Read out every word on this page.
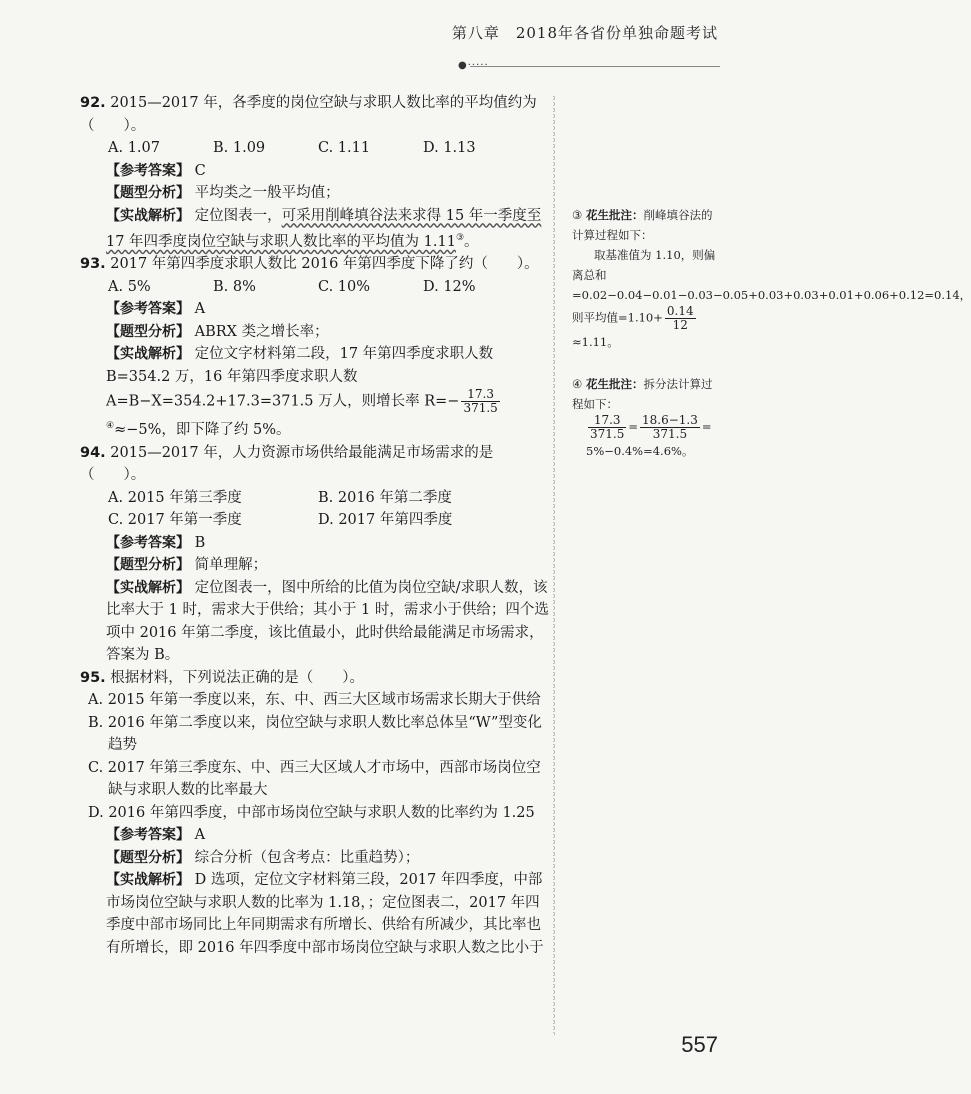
第八章　2018年各省份单独命题考试
●·····

92. 2015—2017 年，各季度的岗位空缺与求职人数比率的平均值约为（　　）。

A. 1.07	B. 1.09	C. 1.11	D. 1.13

【参考答案】 C

【题型分析】 平均类之一般平均值；

【实战解析】 定位图表一，可采用削峰填谷法来求得 15 年一季度至 17 年四季度岗位空缺与求职人数比率的平均值为 1.11③。

93. 2017 年第四季度求职人数比 2016 年第四季度下降了约（　　）。

A. 5%	B. 8%	C. 10%	D. 12%

【参考答案】 A

【题型分析】 ABRX 类之增长率；

【实战解析】 定位文字材料第二段，17 年第四季度求职人数 B=354.2 万，16 年第四季度求职人数 A=B−X=354.2+17.3=371.5 万人，则增长率 $R=- \frac{17.3}{371.5}$
④≈−5%，即下降了约 5%。

94. 2015—2017 年，人力资源市场供给最能满足市场需求的是（　　）。

A. 2015 年第三季度	B. 2016 年第二季度
C. 2017 年第一季度	D. 2017 年第四季度

【参考答案】 B

【题型分析】 简单理解；

【实战解析】 定位图表一，图中所给的比值为岗位空缺/求职人数，该比率大于 1 时，需求大于供给；其小于 1 时，需求小于供给；四个选项中 2016 年第二季度，该比值最小，此时供给最能满足市场需求，答案为 B。

95. 根据材料，下列说法正确的是（　　）。

A. 2015 年第一季度以来，东、中、西三大区域市场需求长期大于供给

B. 2016 年第二季度以来，岗位空缺与求职人数比率总体呈“W”型变化趋势

C. 2017 年第三季度东、中、西三大区域人才市场中，西部市场岗位空缺与求职人数的比率最大

D. 2016 年第四季度，中部市场岗位空缺与求职人数的比率约为 1.25

【参考答案】 A

【题型分析】 综合分析（包含考点：比重趋势）；

【实战解析】 D 选项，定位文字材料第三段，2017 年四季度，中部市场岗位空缺与求职人数的比率为 1.18，；定位图表二，2017 年四季度中部市场同比上年同期需求有所增长、供给有所减少，其比率也有所增长，即 2016 年四季度中部市场岗位空缺与求职人数之比小于

③ 花生批注：削峰填谷法的计算过程如下：

取基准值为 1.10，则偏离总和=0.02−0.04−0.01−0.03−0.05+0.03+0.03+0.01+0.06+0.12=0.14，则平均值$=1.10+ \frac{0.14}{12}$
≈1.11。

④ 花生批注：拆分法计算过程如下：

$\frac{17.3}{371.5} = \frac{18.6-1.3}{371.5} = 5\%-0.4\%=4.6\%$。

557
